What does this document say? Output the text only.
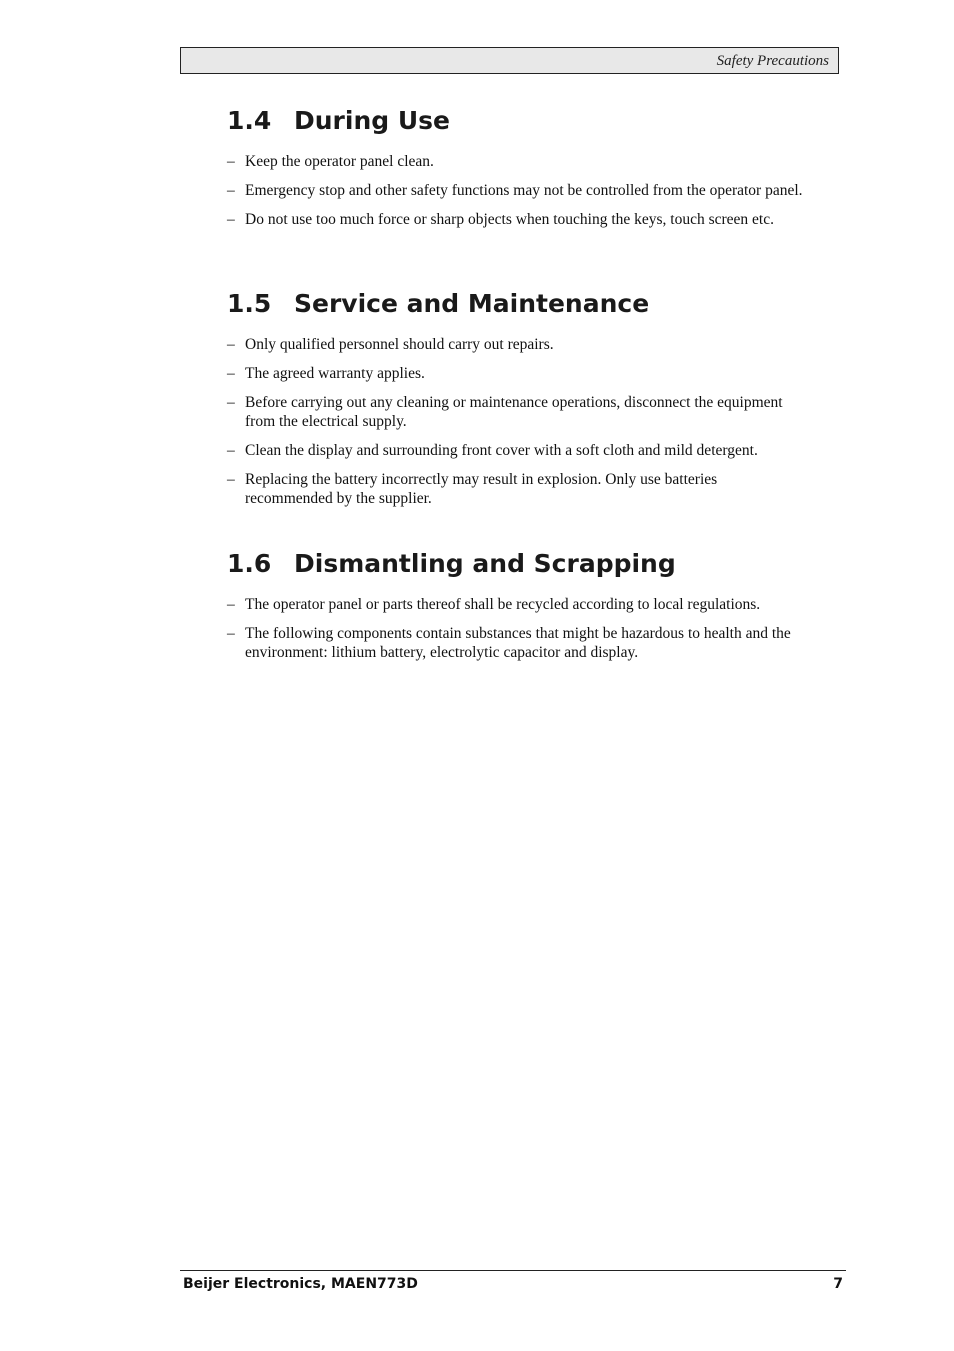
Safety Precautions
1.4 During Use
– Keep the operator panel clean.
– Emergency stop and other safety functions may not be controlled from the operator panel.
– Do not use too much force or sharp objects when touching the keys, touch screen etc.
1.5 Service and Maintenance
– Only qualified personnel should carry out repairs.
– The agreed warranty applies.
– Before carrying out any cleaning or maintenance operations, disconnect the equipment from the electrical supply.
– Clean the display and surrounding front cover with a soft cloth and mild detergent.
– Replacing the battery incorrectly may result in explosion. Only use batteries recommended by the supplier.
1.6 Dismantling and Scrapping
– The operator panel or parts thereof shall be recycled according to local regulations.
– The following components contain substances that might be hazardous to health and the environment: lithium battery, electrolytic capacitor and display.
Beijer Electronics, MAEN773D	7
